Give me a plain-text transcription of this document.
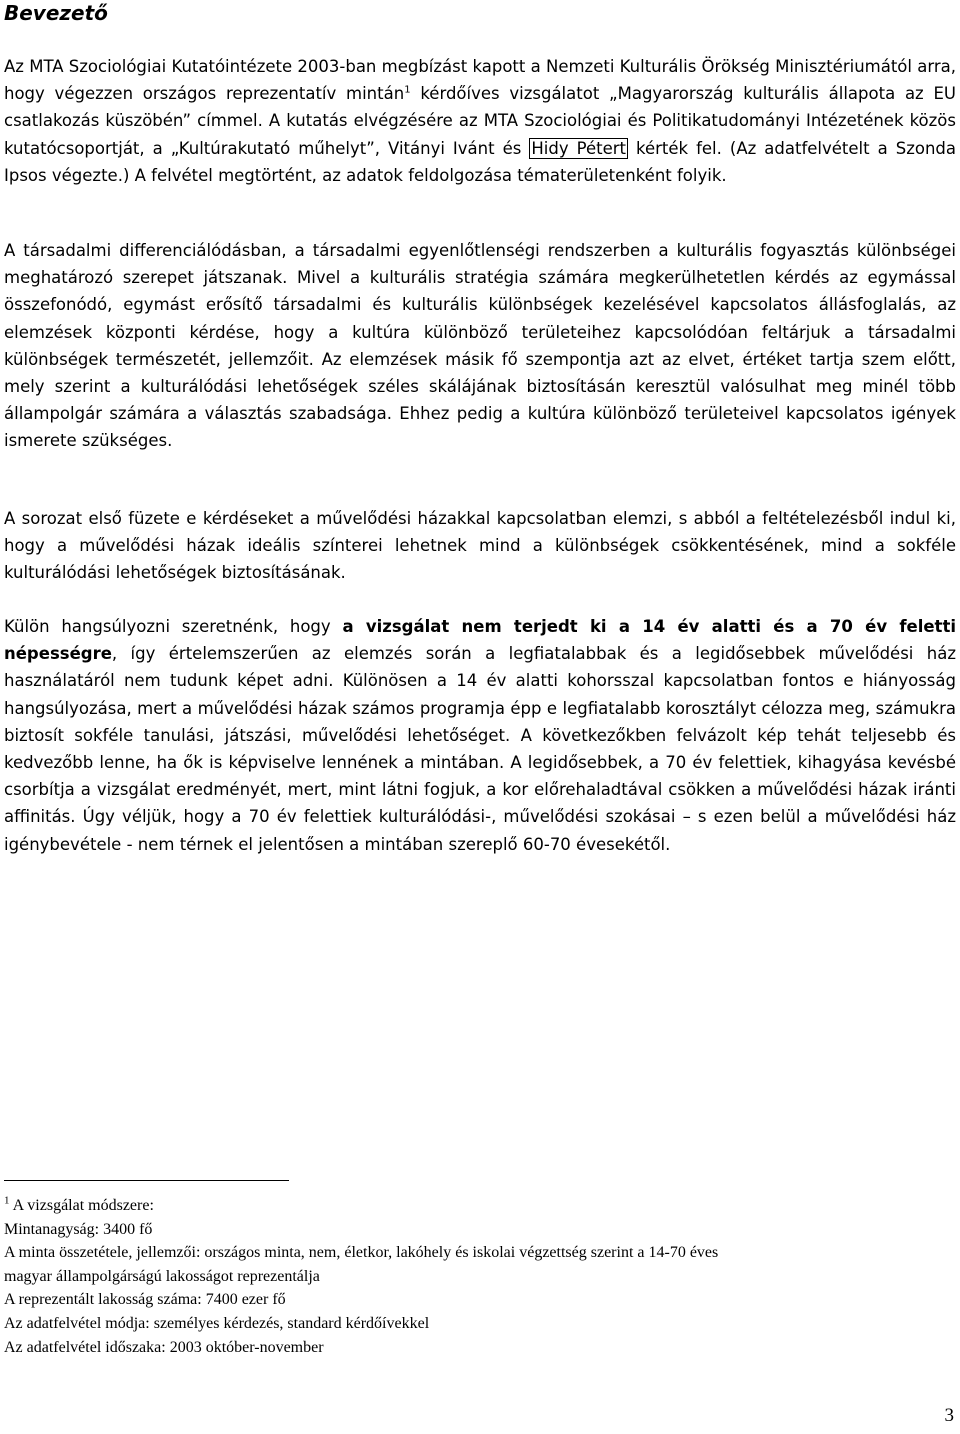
Bevezető

Az MTA Szociológiai Kutatóintézete 2003-ban megbízást kapott a Nemzeti Kulturális Örökség Minisztériumától arra, hogy végezzen országos reprezentatív mintán$^1$ kérdőíves vizsgálatot „Magyarország kulturális állapota az EU csatlakozás küszöbén” címmel. A kutatás elvégzésére az MTA Szociológiai és Politikatudományi Intézetének közös kutatócsoportját, a „Kultúrakutató műhelyt”, Vitányi Ivánt és Hidy Pétert kérték fel. (Az adatfelvételt a Szonda Ipsos végezte.) A felvétel megtörtént, az adatok feldolgozása tématerületenként folyik.

A társadalmi differenciálódásban, a társadalmi egyenlőtlenségi rendszerben a kulturális fogyasztás különbségei meghatározó szerepet játszanak. Mivel a kulturális stratégia számára megkerülhetetlen kérdés az egymással összefonódó, egymást erősítő társadalmi és kulturális különbségek kezelésével kapcsolatos állásfoglalás, az elemzések központi kérdése, hogy a kultúra különböző területeihez kapcsolódóan feltárjuk a társadalmi különbségek természetét, jellemzőit. Az elemzések másik fő szempontja azt az elvet, értéket tartja szem előtt, mely szerint a kulturálódási lehetőségek széles skálájának biztosításán keresztül valósulhat meg minél több állampolgár számára a választás szabadsága. Ehhez pedig a kultúra különböző területeivel kapcsolatos igények ismerete szükséges.

A sorozat első füzete e kérdéseket a művelődési házakkal kapcsolatban elemzi, s abból a feltételezésből indul ki, hogy a művelődési házak ideális színterei lehetnek mind a különbségek csökkentésének, mind a sokféle kulturálódási lehetőségek biztosításának.

Külön hangsúlyozni szeretnénk, hogy a vizsgálat nem terjedt ki a 14 év alatti és a 70 év feletti népességre, így értelemszerűen az elemzés során a legfiatalabbak és a legidősebbek művelődési ház használatáról nem tudunk képet adni. Különösen a 14 év alatti kohorsszal kapcsolatban fontos e hiányosság hangsúlyozása, mert a művelődési házak számos programja épp e legfiatalabb korosztályt célozza meg, számukra biztosít sokféle tanulási, játszási, művelődési lehetőséget. A következőkben felvázolt kép tehát teljesebb és kedvezőbb lenne, ha ők is képviselve lennének a mintában. A legidősebbek, a 70 év felettiek, kihagyása kevésbé csorbítja a vizsgálat eredményét, mert, mint látni fogjuk, a kor előrehaladtával csökken a művelődési házak iránti affinitás. Úgy véljük, hogy a 70 év felettiek kulturálódási-, művelődési szokásai – s ezen belül a művelődési ház igénybevétele - nem térnek el jelentősen a mintában szereplő 60-70 évesekétől.

$^1$ A vizsgálat módszere:
Mintanagyság: 3400 fő
A minta összetétele, jellemzői: országos minta, nem, életkor, lakóhely és iskolai végzettség szerint a 14-70 éves
magyar állampolgárságú lakosságot reprezentálja
A reprezentált lakosság száma: 7400 ezer fő
Az adatfelvétel módja: személyes kérdezés, standard kérdőívekkel
Az adatfelvétel időszaka: 2003 október-november
3
